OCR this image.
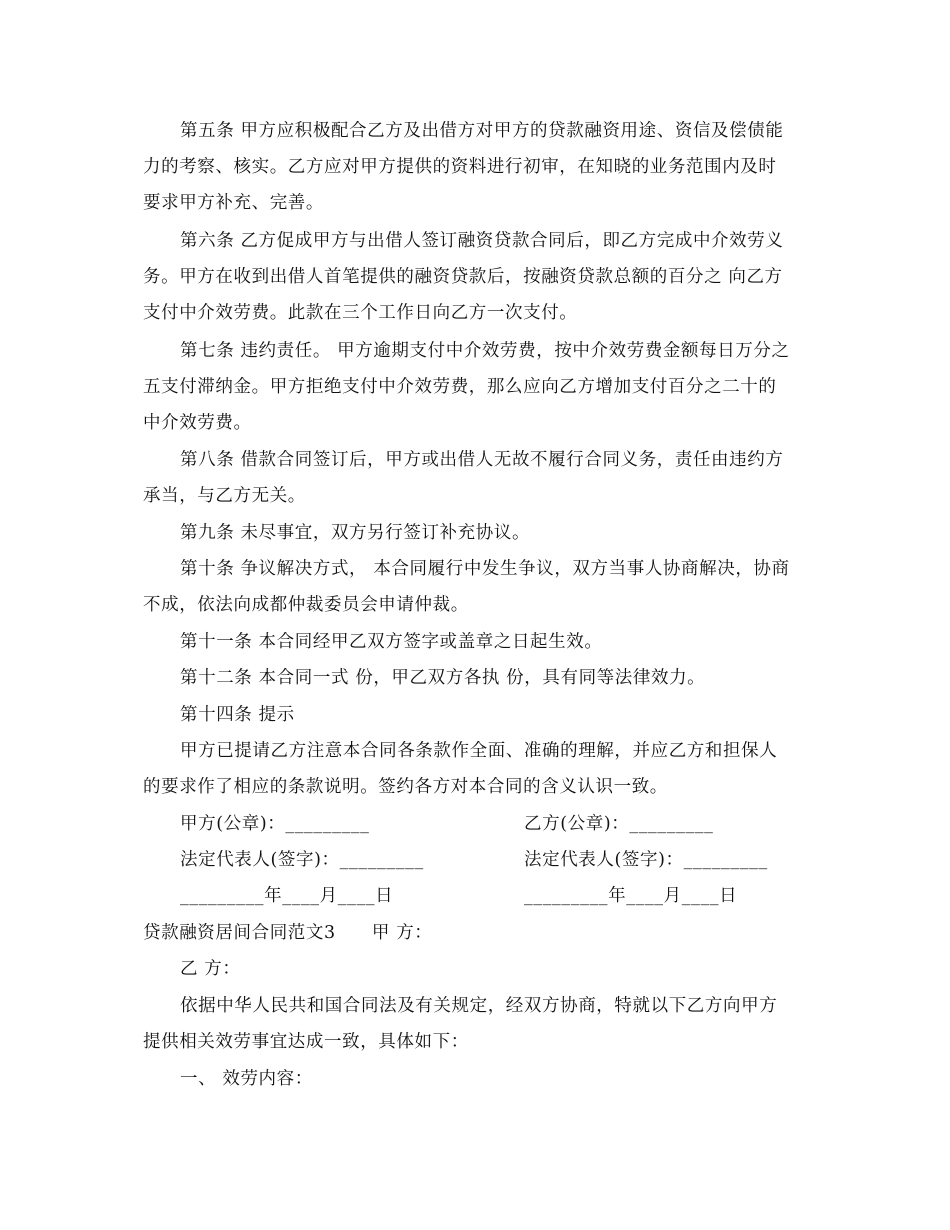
第五条 甲方应积极配合乙方及出借方对甲方的贷款融资用途、资信及偿债能
力的考察、核实。乙方应对甲方提供的资料进行初审，在知晓的业务范围内及时
要求甲方补充、完善。
第六条 乙方促成甲方与出借人签订融资贷款合同后，即乙方完成中介效劳义
务。甲方在收到出借人首笔提供的融资贷款后，按融资贷款总额的百分之 向乙方
支付中介效劳费。此款在三个工作日向乙方一次支付。
第七条 违约责任。 甲方逾期支付中介效劳费，按中介效劳费金额每日万分之
五支付滞纳金。甲方拒绝支付中介效劳费，那么应向乙方增加支付百分之二十的
中介效劳费。
第八条 借款合同签订后，甲方或出借人无故不履行合同义务，责任由违约方
承当，与乙方无关。
第九条 未尽事宜，双方另行签订补充协议。
第十条 争议解决方式， 本合同履行中发生争议，双方当事人协商解决，协商
不成，依法向成都仲裁委员会申请仲裁。
第十一条 本合同经甲乙双方签字或盖章之日起生效。
第十二条 本合同一式 份，甲乙双方各执 份，具有同等法律效力。
第十四条 提示
甲方已提请乙方注意本合同各条款作全面、准确的理解，并应乙方和担保人
的要求作了相应的条款说明。签约各方对本合同的含义认识一致。
甲方(公章)：_________	乙方(公章)：_________
法定代表人(签字)：_________	法定代表人(签字)：_________
_________年____月____日	_________年____月____日
贷款融资居间合同范文3　　甲 方：
乙 方：
依据中华人民共和国合同法及有关规定，经双方协商，特就以下乙方向甲方
提供相关效劳事宜达成一致，具体如下：
一、 效劳内容：
